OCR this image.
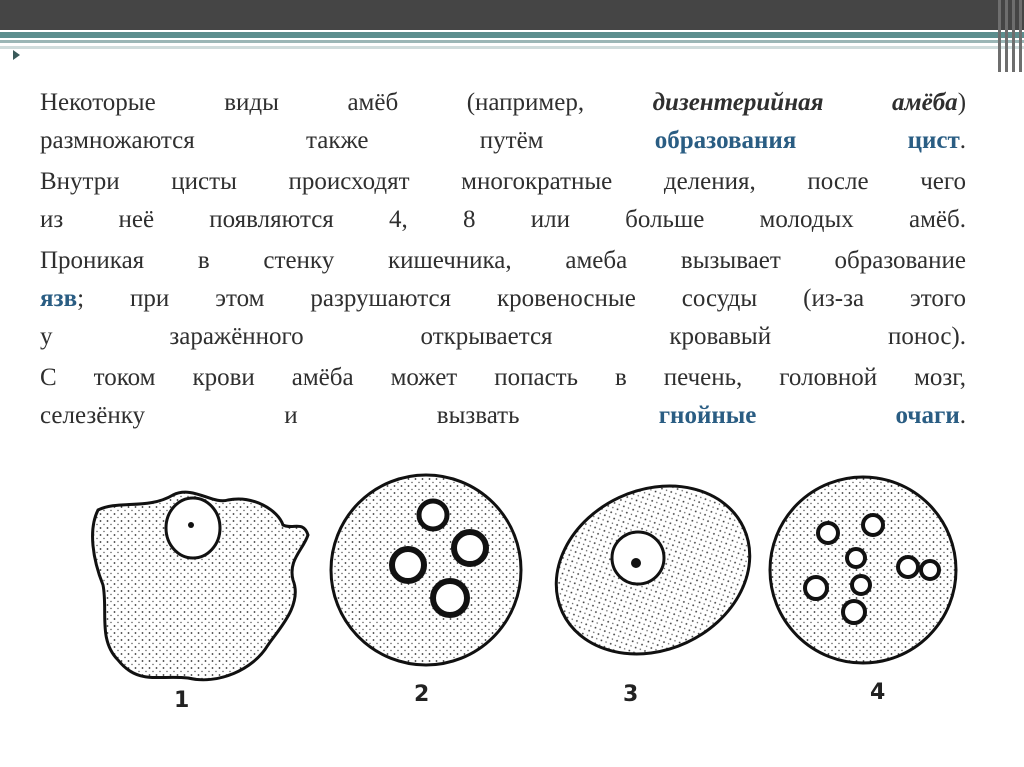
Некоторые виды амёб (например, дизентерийная амёба)
размножаются также путём образования цист.

Внутри цисты происходят многократные деления, после чего
из неё появляются 4, 8 или больше молодых амёб.

Проникая в стенку кишечника, амеба вызывает образование
язв; при этом разрушаются кровеносные сосуды (из-за этого
у заражённого открывается кровавый понос).

С током крови амёба может попасть в печень, головной мозг,
селезёнку и вызвать гнойные очаги.

1	2	3	4
